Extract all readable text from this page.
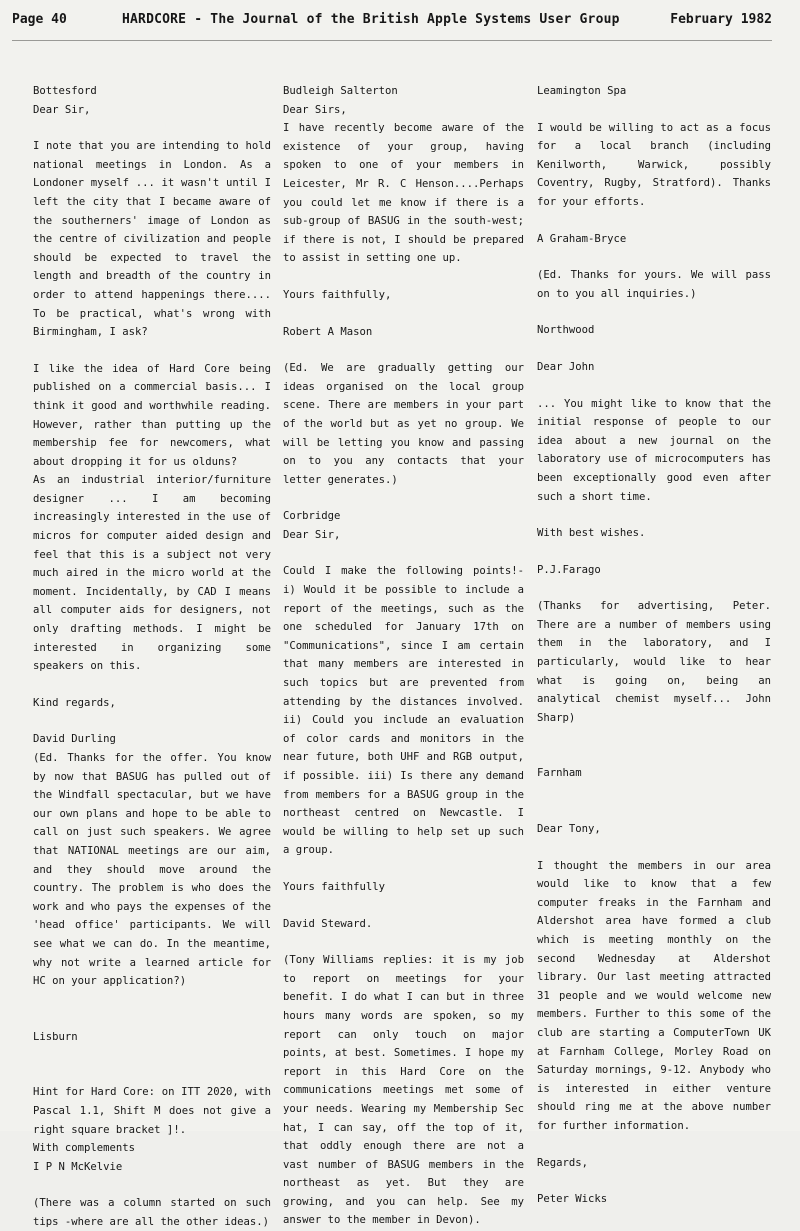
Page 40	HARDCORE - The Journal of the British Apple Systems User Group	February 1982
Bottesford
Dear Sir,
I note that you are intending to hold national meetings in London. As a Londoner myself ... it wasn't until I left the city that I became aware of the southerners' image of London as the centre of civilization and people should be expected to travel the length and breadth of the country in order to attend happenings there.... To be practical, what's wrong with Birmingham, I ask?
I like the idea of Hard Core being published on a commercial basis... I think it good and worthwhile reading. However, rather than putting up the membership fee for newcomers, what about dropping it for us olduns?
As an industrial interior/furniture designer ... I am becoming increasingly interested in the use of micros for computer aided design and feel that this is a subject not very much aired in the micro world at the moment. Incidentally, by CAD I means all computer aids for designers, not only drafting methods. I might be interested in organizing some speakers on this.
Kind regards,
David Durling
(Ed. Thanks for the offer. You know by now that BASUG has pulled out of the Windfall spectacular, but we have our own plans and hope to be able to call on just such speakers. We agree that NATIONAL meetings are our aim, and they should move around the country. The problem is who does the work and who pays the expenses of the 'head office' participants. We will see what we can do. In the meantime, why not write a learned article for HC on your application?)
Lisburn
Hint for Hard Core: on ITT 2020, with Pascal 1.1, Shift M does not give a right square bracket ]!.
With complements
I P N McKelvie
(There was a column started on such tips -where are all the other ideas.)
Budleigh Salterton
Dear Sirs,
I have recently become aware of the existence of your group, having spoken to one of your members in Leicester, Mr R. C Henson....Perhaps you could let me know if there is a sub-group of BASUG in the south-west; if there is not, I should be prepared to assist in setting one up.
Yours faithfully,
Robert A Mason
(Ed. We are gradually getting our ideas organised on the local group scene. There are members in your part of the world but as yet no group. We will be letting you know and passing on to you any contacts that your letter generates.)
Corbridge
Dear Sir,
Could I make the following points!- i) Would it be possible to include a report of the meetings, such as the one scheduled for January 17th on "Communications", since I am certain that many members are interested in such topics but are prevented from attending by the distances involved. ii) Could you include an evaluation of color cards and monitors in the near future, both UHF and RGB output, if possible. iii) Is there any demand from members for a BASUG group in the northeast centred on Newcastle. I would be willing to help set up such a group.
Yours faithfully
David Steward.
(Tony Williams replies: it is my job to report on meetings for your benefit. I do what I can but in three hours many words are spoken, so my report can only touch on major points, at best. Sometimes. I hope my report in this Hard Core on the communications meetings met some of your needs. Wearing my Membership Sec hat, I can say, off the top of it, that oddly enough there are not a vast number of BASUG members in the northeast as yet. But they are growing, and you can help. See my answer to the member in Devon).
Leamington Spa
I would be willing to act as a focus for a local branch (including Kenilworth, Warwick, possibly Coventry, Rugby, Stratford). Thanks for your efforts.
A Graham-Bryce
(Ed. Thanks for yours. We will pass on to you all inquiries.)
Northwood
Dear John
... You might like to know that the initial response of people to our idea about a new journal on the laboratory use of microcomputers has been exceptionally good even after such a short time.
With best wishes.
P.J.Farago
(Thanks for advertising, Peter. There are a number of members using them in the laboratory, and I particularly, would like to hear what is going on, being an analytical chemist myself... John Sharp)
Farnham
Dear Tony,
I thought the members in our area would like to know that a few computer freaks in the Farnham and Aldershot area have formed a club which is meeting monthly on the second Wednesday at Aldershot library. Our last meeting attracted 31 people and we would welcome new members. Further to this some of the club are starting a ComputerTown UK at Farnham College, Morley Road on Saturday mornings, 9-12. Anybody who is interested in either venture should ring me at the above number for further information.
Regards,
Peter Wicks
